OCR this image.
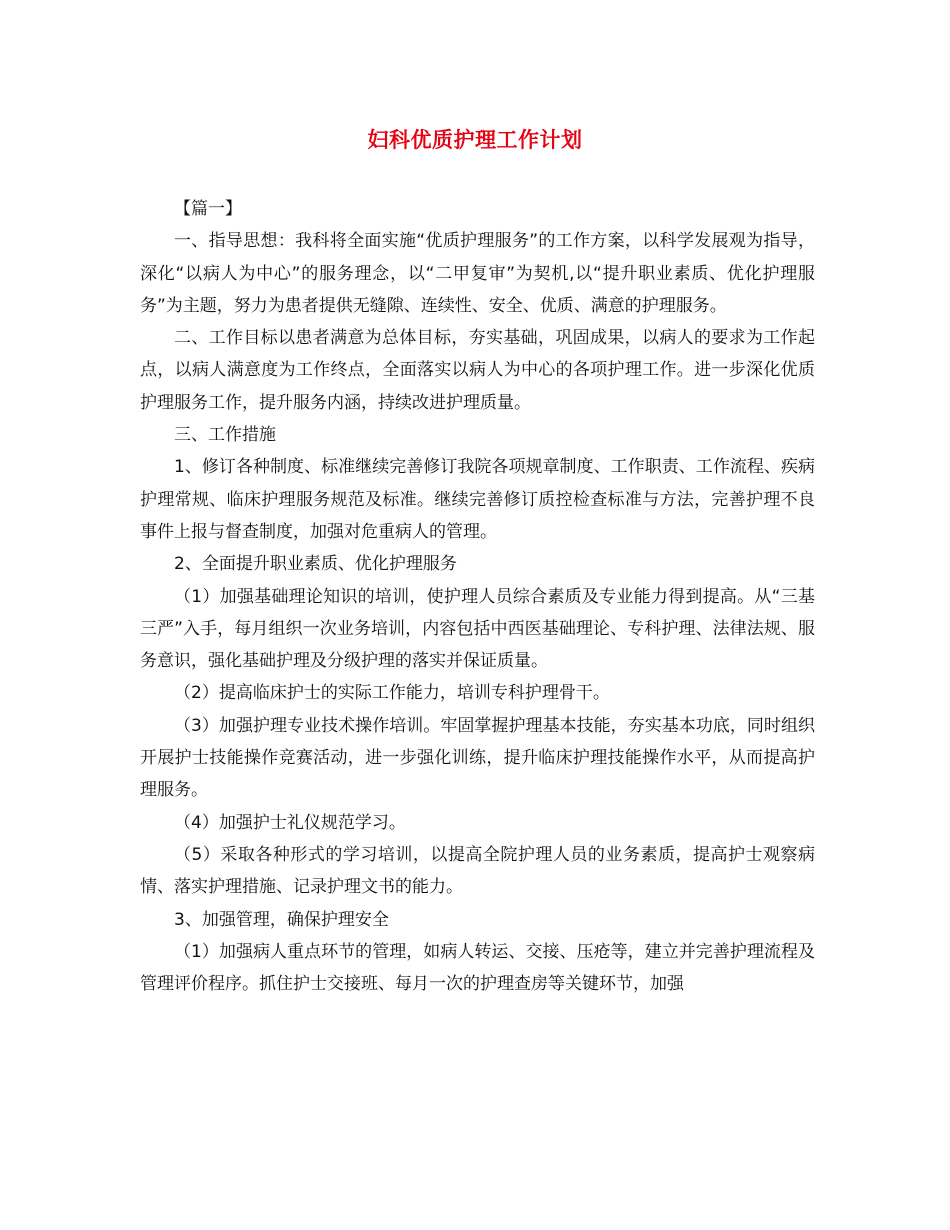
妇科优质护理工作计划

【篇一】

一、指导思想：我科将全面实施“优质护理服务”的工作方案，以科学发展观为指导，深化“以病人为中心”的服务理念，以“二甲复审”为契机,以“提升职业素质、优化护理服务”为主题，努力为患者提供无缝隙、连续性、安全、优质、满意的护理服务。

二、工作目标以患者满意为总体目标，夯实基础，巩固成果，以病人的要求为工作起点，以病人满意度为工作终点，全面落实以病人为中心的各项护理工作。进一步深化优质护理服务工作，提升服务内涵，持续改进护理质量。

三、工作措施

1、修订各种制度、标准继续完善修订我院各项规章制度、工作职责、工作流程、疾病护理常规、临床护理服务规范及标准。继续完善修订质控检查标准与方法，完善护理不良事件上报与督查制度，加强对危重病人的管理。

2、全面提升职业素质、优化护理服务

（1）加强基础理论知识的培训，使护理人员综合素质及专业能力得到提高。从“三基三严”入手，每月组织一次业务培训，内容包括中西医基础理论、专科护理、法律法规、服务意识，强化基础护理及分级护理的落实并保证质量。

（2）提高临床护士的实际工作能力，培训专科护理骨干。

（3）加强护理专业技术操作培训。牢固掌握护理基本技能，夯实基本功底，同时组织开展护士技能操作竞赛活动，进一步强化训练，提升临床护理技能操作水平，从而提高护理服务。

（4）加强护士礼仪规范学习。

（5）采取各种形式的学习培训，以提高全院护理人员的业务素质，提高护士观察病情、落实护理措施、记录护理文书的能力。

3、加强管理，确保护理安全

（1）加强病人重点环节的管理，如病人转运、交接、压疮等，建立并完善护理流程及管理评价程序。抓住护士交接班、每月一次的护理查房等关键环节，加强
